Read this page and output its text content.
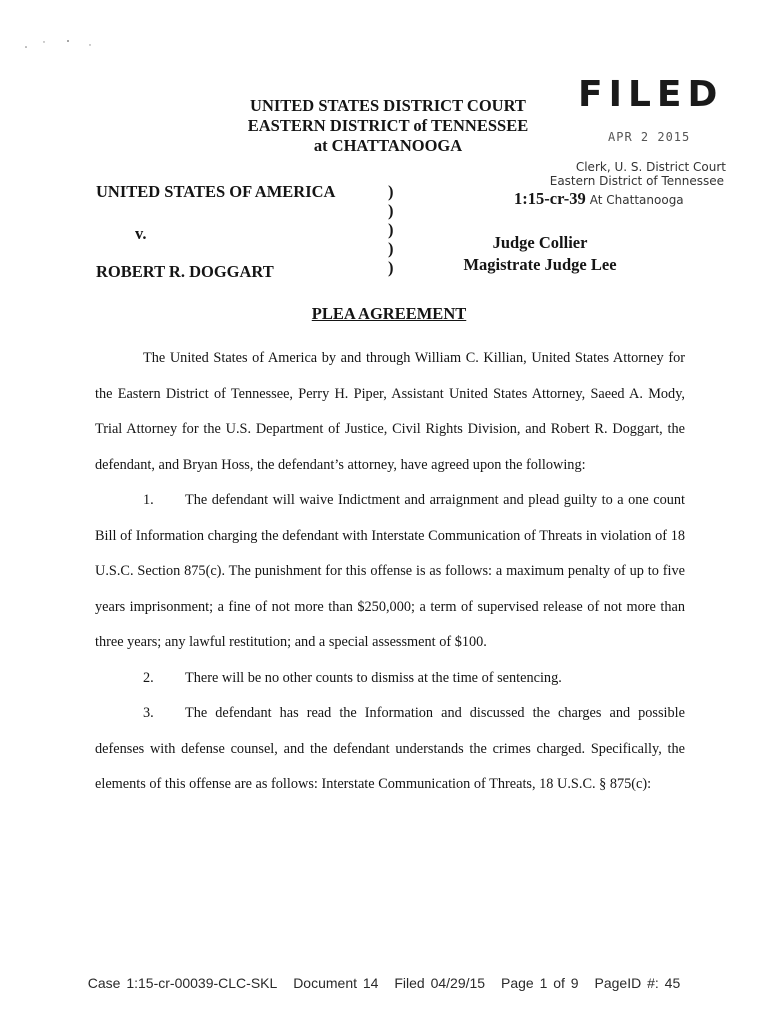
UNITED STATES DISTRICT COURT
EASTERN DISTRICT of TENNESSEE
at CHATTANOOGA
FILED
APR 2 2015
Clerk, U. S. District Court
Eastern District of Tennessee
1:15-cr-39 At Chattanooga
UNITED STATES OF AMERICA
v.
ROBERT R. DOGGART
)
)
)
)
)
Judge Collier
Magistrate Judge Lee
PLEA AGREEMENT

The United States of America by and through William C. Killian, United States Attorney for the Eastern District of Tennessee, Perry H. Piper, Assistant United States Attorney, Saeed A. Mody, Trial Attorney for the U.S. Department of Justice, Civil Rights Division, and Robert R. Doggart, the defendant, and Bryan Hoss, the defendant’s attorney, have agreed upon the following:

1. The defendant will waive Indictment and arraignment and plead guilty to a one count Bill of Information charging the defendant with Interstate Communication of Threats in violation of 18 U.S.C. Section 875(c). The punishment for this offense is as follows: a maximum penalty of up to five years imprisonment; a fine of not more than $250,000; a term of supervised release of not more than three years; any lawful restitution; and a special assessment of $100.

2. There will be no other counts to dismiss at the time of sentencing.

3. The defendant has read the Information and discussed the charges and possible defenses with defense counsel, and the defendant understands the crimes charged. Specifically, the elements of this offense are as follows: Interstate Communication of Threats, 18 U.S.C. § 875(c):

Case 1:15-cr-00039-CLC-SKL Document 14 Filed 04/29/15 Page 1 of 9 PageID #: 45
